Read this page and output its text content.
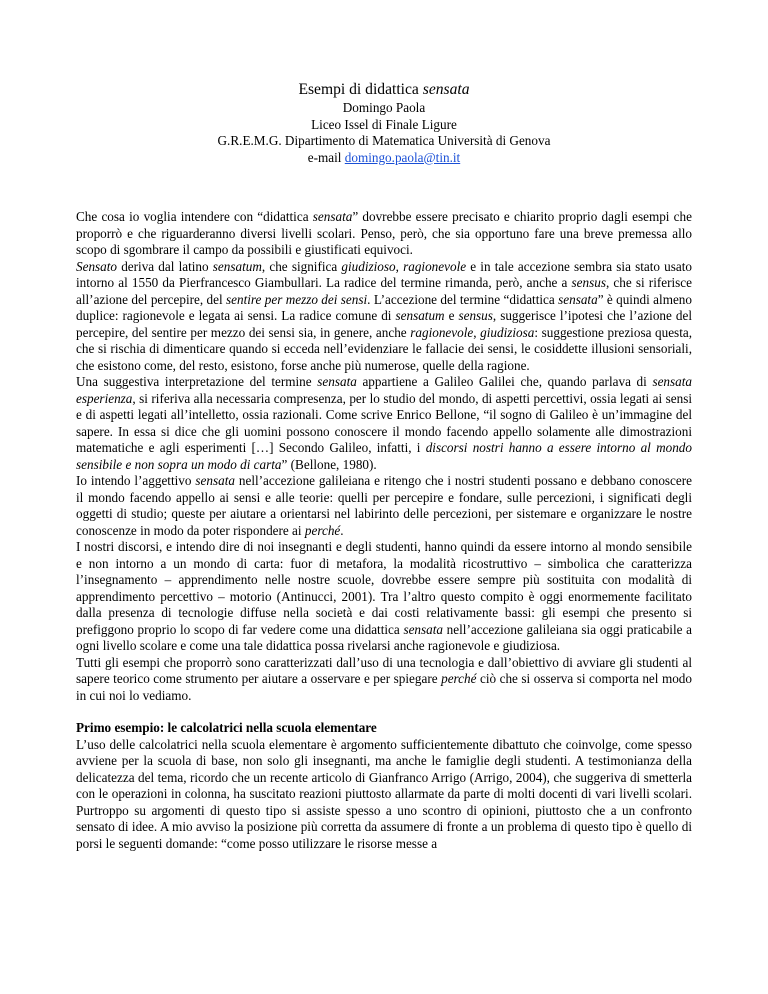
Esempi di didattica sensata
Domingo Paola
Liceo Issel di Finale Ligure
G.R.E.M.G. Dipartimento di Matematica Università di Genova
e-mail domingo.paola@tin.it

Che cosa io voglia intendere con “didattica sensata” dovrebbe essere precisato e chiarito proprio dagli esempi che proporrò e che riguarderanno diversi livelli scolari. Penso, però, che sia opportuno fare una breve premessa allo scopo di sgombrare il campo da possibili e giustificati equivoci.

Sensato deriva dal latino sensatum, che significa giudizioso, ragionevole e in tale accezione sembra sia stato usato intorno al 1550 da Pierfrancesco Giambullari. La radice del termine rimanda, però, anche a sensus, che si riferisce all’azione del percepire, del sentire per mezzo dei sensi. L’accezione del termine “didattica sensata” è quindi almeno duplice: ragionevole e legata ai sensi. La radice comune di sensatum e sensus, suggerisce l’ipotesi che l’azione del percepire, del sentire per mezzo dei sensi sia, in genere, anche ragionevole, giudiziosa: suggestione preziosa questa, che si rischia di dimenticare quando si ecceda nell’evidenziare le fallacie dei sensi, le cosiddette illusioni sensoriali, che esistono come, del resto, esistono, forse anche più numerose, quelle della ragione.

Una suggestiva interpretazione del termine sensata appartiene a Galileo Galilei che, quando parlava di sensata esperienza, si riferiva alla necessaria compresenza, per lo studio del mondo, di aspetti percettivi, ossia legati ai sensi e di aspetti legati all’intelletto, ossia razionali. Come scrive Enrico Bellone, “il sogno di Galileo è un’immagine del sapere. In essa si dice che gli uomini possono conoscere il mondo facendo appello solamente alle dimostrazioni matematiche e agli esperimenti […] Secondo Galileo, infatti, i discorsi nostri hanno a essere intorno al mondo sensibile e non sopra un modo di carta” (Bellone, 1980).

Io intendo l’aggettivo sensata nell’accezione galileiana e ritengo che i nostri studenti possano e debbano conoscere il mondo facendo appello ai sensi e alle teorie: quelli per percepire e fondare, sulle percezioni, i significati degli oggetti di studio; queste per aiutare a orientarsi nel labirinto delle percezioni, per sistemare e organizzare le nostre conoscenze in modo da poter rispondere ai perché.

I nostri discorsi, e intendo dire di noi insegnanti e degli studenti, hanno quindi da essere intorno al mondo sensibile e non intorno a un mondo di carta: fuor di metafora, la modalità ricostruttivo – simbolica che caratterizza l’insegnamento – apprendimento nelle nostre scuole, dovrebbe essere sempre più sostituita con modalità di apprendimento percettivo – motorio (Antinucci, 2001). Tra l’altro questo compito è oggi enormemente facilitato dalla presenza di tecnologie diffuse nella società e dai costi relativamente bassi: gli esempi che presento si prefiggono proprio lo scopo di far vedere come una didattica sensata nell’accezione galileiana sia oggi praticabile a ogni livello scolare e come una tale didattica possa rivelarsi anche ragionevole e giudiziosa.

Tutti gli esempi che proporrò sono caratterizzati dall’uso di una tecnologia e dall’obiettivo di avviare gli studenti al sapere teorico come strumento per aiutare a osservare e per spiegare perché ciò che si osserva si comporta nel modo in cui noi lo vediamo.

Primo esempio: le calcolatrici nella scuola elementare

L’uso delle calcolatrici nella scuola elementare è argomento sufficientemente dibattuto che coinvolge, come spesso avviene per la scuola di base, non solo gli insegnanti, ma anche le famiglie degli studenti. A testimonianza della delicatezza del tema, ricordo che un recente articolo di Gianfranco Arrigo (Arrigo, 2004), che suggeriva di smetterla con le operazioni in colonna, ha suscitato reazioni piuttosto allarmate da parte di molti docenti di vari livelli scolari. Purtroppo su argomenti di questo tipo si assiste spesso a uno scontro di opinioni, piuttosto che a un confronto sensato di idee. A mio avviso la posizione più corretta da assumere di fronte a un problema di questo tipo è quello di porsi le seguenti domande: “come posso utilizzare le risorse messe a
